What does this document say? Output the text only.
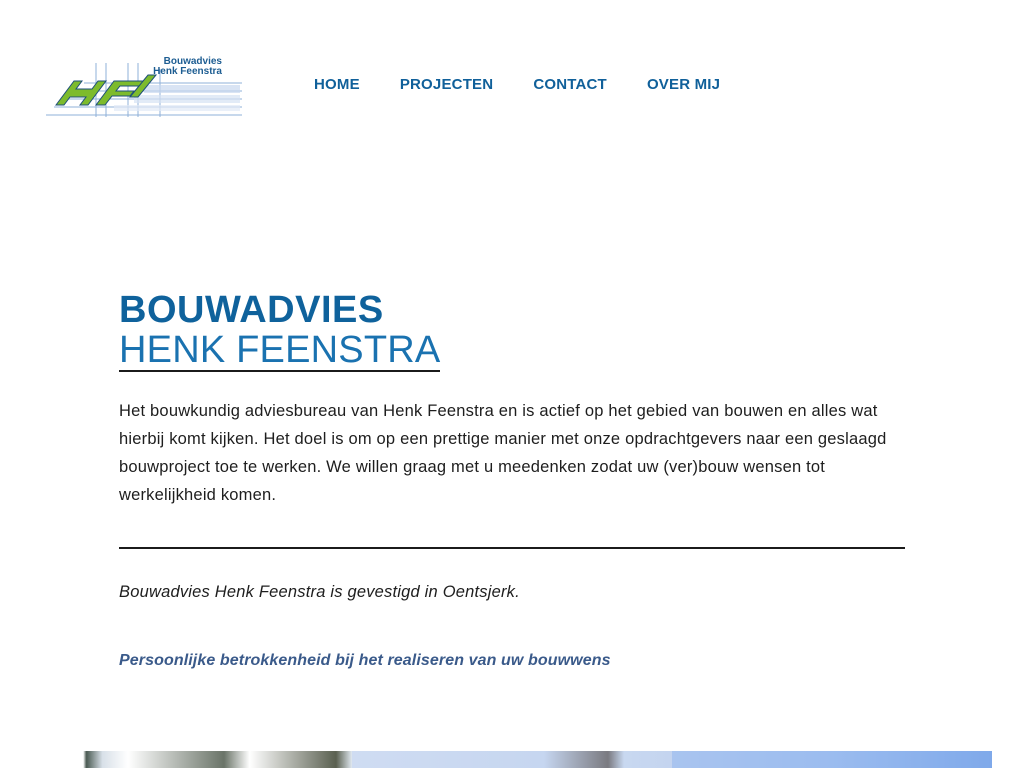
Bouwadvies
Henk Feenstra
HOME	PROJECTEN	CONTACT	OVER MIJ
BOUWADVIES
HENK FEENSTRA

Het bouwkundig adviesbureau van Henk Feenstra en is actief op het gebied van bouwen en alles wat hierbij komt kijken. Het doel is om op een prettige manier met onze opdrachtgevers naar een geslaagd bouwproject toe te werken. We willen graag met u meedenken zodat uw (ver)bouw wensen tot werkelijkheid komen.

Bouwadvies Henk Feenstra is gevestigd in Oentsjerk.

Persoonlijke betrokkenheid bij het realiseren van uw bouwwens
